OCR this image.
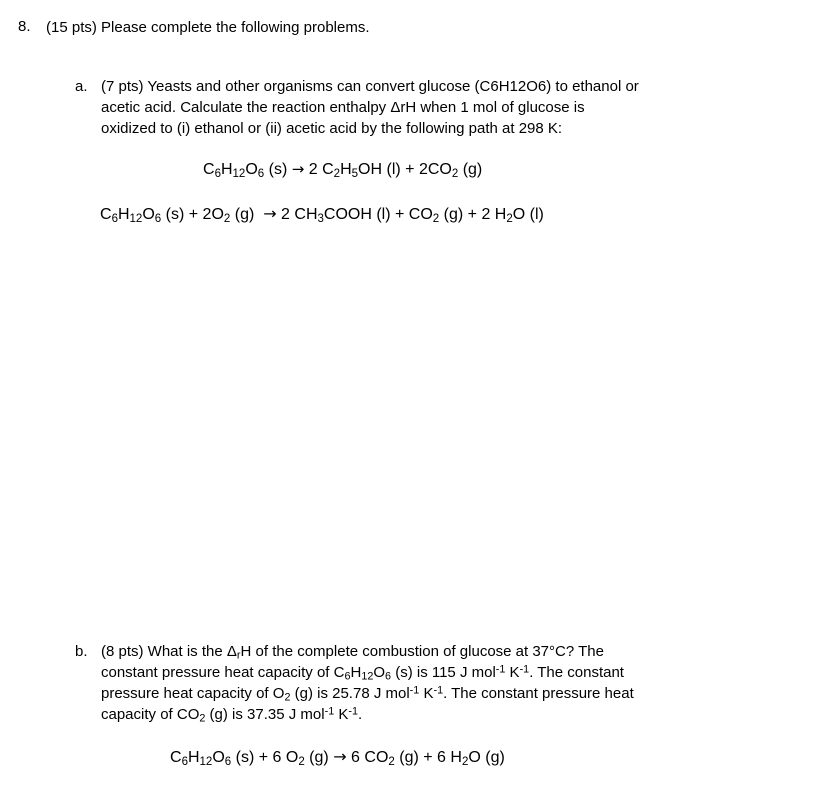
8.	(15 pts) Please complete the following problems.
a. (7 pts) Yeasts and other organisms can convert glucose (C6H12O6) to ethanol or

acetic acid. Calculate the reaction enthalpy ΔrH when 1 mol of glucose is

oxidized to (i) ethanol or (ii) acetic acid by the following path at 298 K:

$C_6H_{12}O_6$ (s) → 2 $C_2H_5OH$ $(l) + 2CO_2$ (g)
$C_6H_{12}O_6$ $(s) + 2O_2$ (g)  → 2 $CH_3COOH$ $(l) + CO_2$ (g) + 2 $H_2O$ (l)
b. (8 pts) What is the $\Delta_rH$ of the complete combustion of glucose at 37°C? The

constant pressure heat capacity of $C_6H_{12}O_6$ (s) is 115 J mol$^{-1}$ $K^{-1}$. The constant

pressure heat capacity of $O_2$ (g) is 25.78 J mol$^{-1}$ $K^{-1}$. The constant pressure heat

capacity of $CO_2$ (g) is 37.35 J mol$^{-1}$ $K^{-1}$.

$C_6H_{12}O_6$ (s) + 6 $O_2$ (g) → 6 $CO_2$ (g) + 6 $H_2O$ (g)
